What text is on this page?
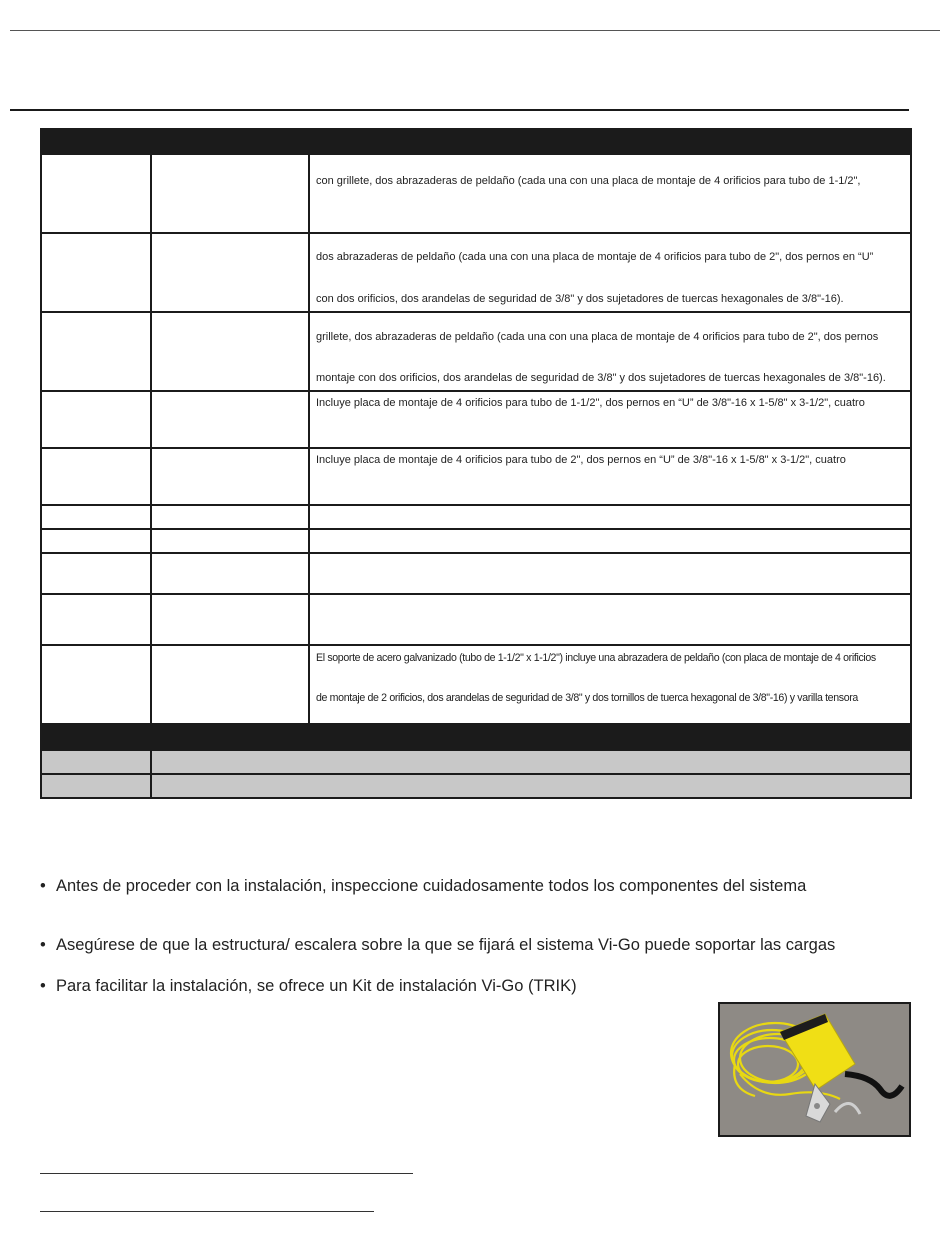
con grillete, dos abrazaderas de peldaño (cada una con una placa de montaje de 4 orificios para tubo de 1-1/2",
dos abrazaderas de peldaño (cada una con una placa de montaje de 4 orificios para tubo de 2", dos pernos en “U”
con dos orificios, dos arandelas de seguridad de 3/8" y dos sujetadores de tuercas hexagonales de 3/8"-16).
grillete, dos abrazaderas de peldaño (cada una con una placa de montaje de 4 orificios para tubo de 2", dos pernos
montaje con dos orificios, dos arandelas de seguridad de 3/8" y dos sujetadores de tuercas hexagonales de 3/8"-16).
Incluye placa de montaje de 4 orificios para tubo de 1-1/2", dos pernos en “U” de 3/8"-16 x 1-5/8" x 3-1/2", cuatro
Incluye placa de montaje de 4 orificios para tubo de 2", dos pernos en “U” de 3/8"-16 x 1-5/8" x 3-1/2", cuatro
El soporte de acero galvanizado (tubo de 1-1/2" x 1-1/2") incluye una abrazadera de peldaño (con placa de montaje de 4 orificios
de montaje de 2 orificios, dos arandelas de seguridad de 3/8" y dos tornillos de tuerca hexagonal de 3/8"-16) y varilla tensora
• Antes de proceder con la instalación, inspeccione cuidadosamente todos los componentes del sistema
• Asegúrese de que la estructura/ escalera sobre la que se fijará el sistema Vi-Go puede soportar las cargas
• Para facilitar la instalación, se ofrece un Kit de instalación Vi-Go (TRIK)
